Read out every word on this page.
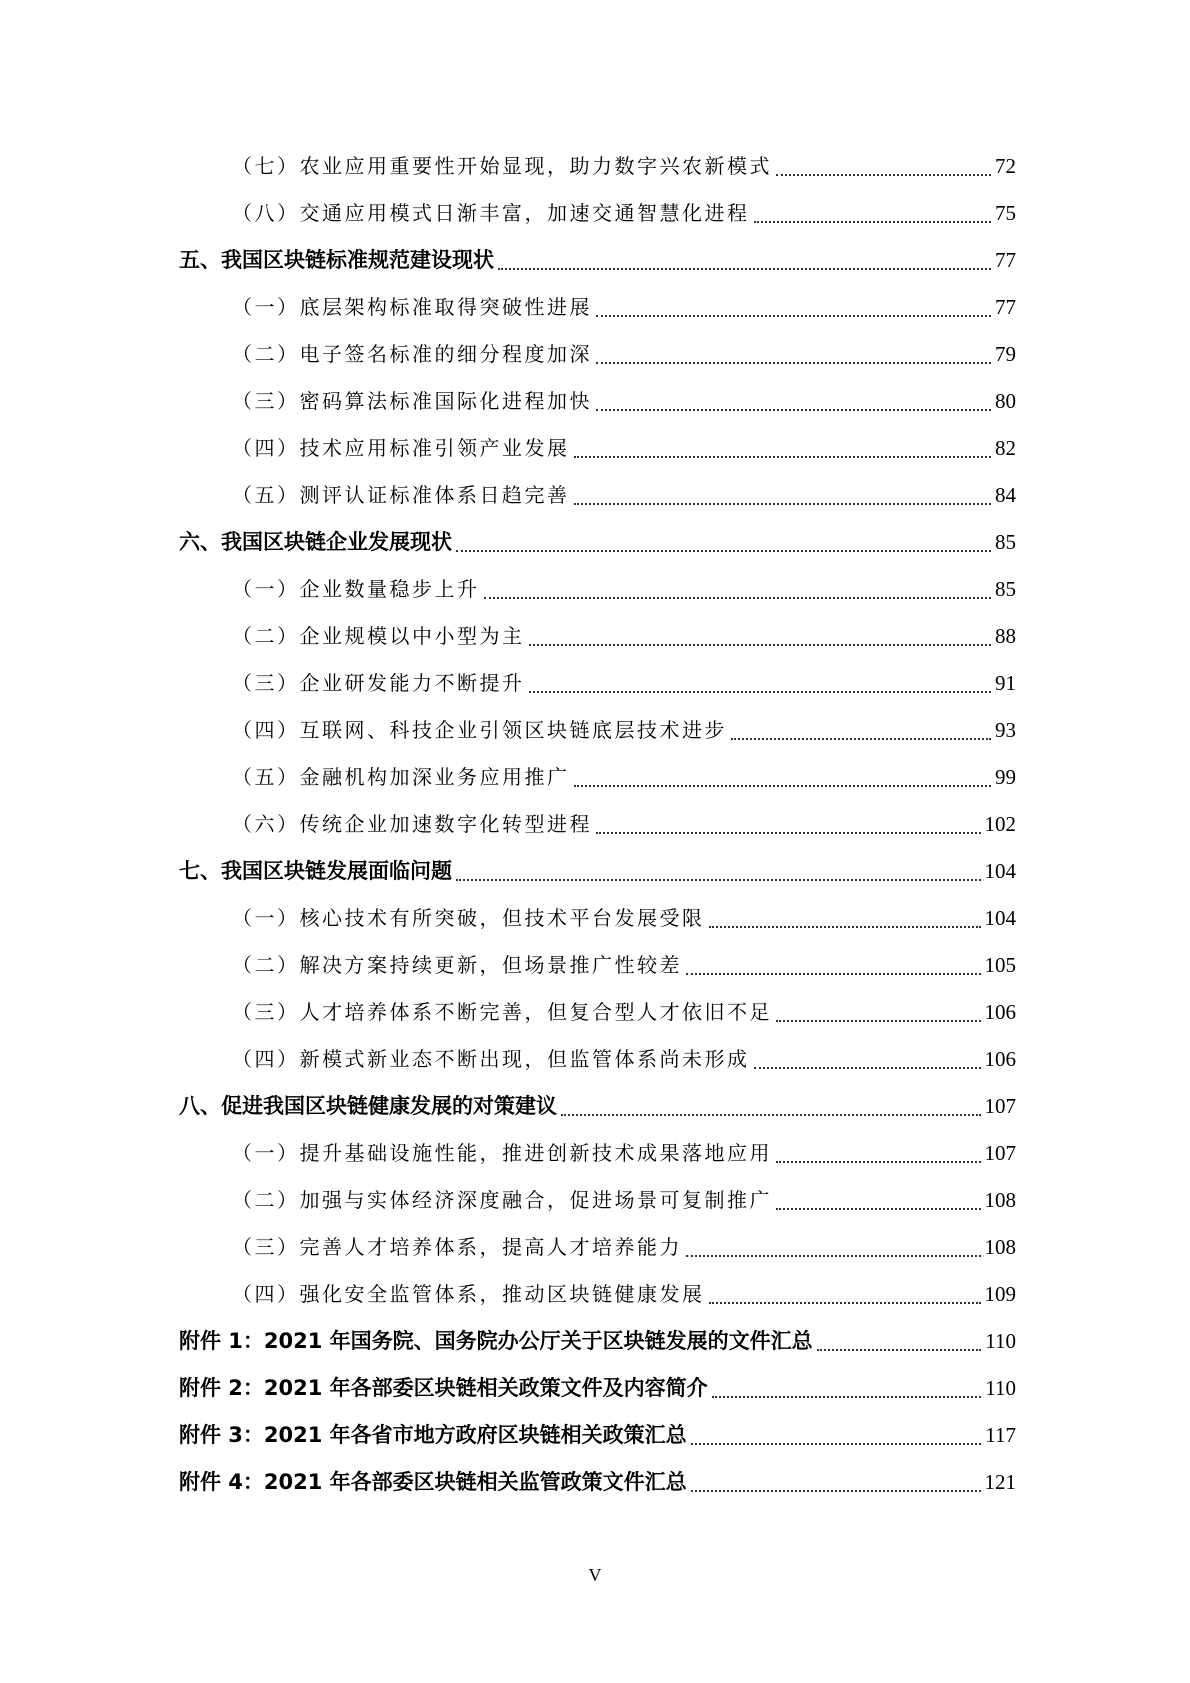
（七）农业应用重要性开始显现，助力数字兴农新模式	72
（八）交通应用模式日渐丰富，加速交通智慧化进程	75
五、我国区块链标准规范建设现状	77
（一）底层架构标准取得突破性进展	77
（二）电子签名标准的细分程度加深	79
（三）密码算法标准国际化进程加快	80
（四）技术应用标准引领产业发展	82
（五）测评认证标准体系日趋完善	84
六、我国区块链企业发展现状	85
（一）企业数量稳步上升	85
（二）企业规模以中小型为主	88
（三）企业研发能力不断提升	91
（四）互联网、科技企业引领区块链底层技术进步	93
（五）金融机构加深业务应用推广	99
（六）传统企业加速数字化转型进程	102
七、我国区块链发展面临问题	104
（一）核心技术有所突破，但技术平台发展受限	104
（二）解决方案持续更新，但场景推广性较差	105
（三）人才培养体系不断完善，但复合型人才依旧不足	106
（四）新模式新业态不断出现，但监管体系尚未形成	106
八、促进我国区块链健康发展的对策建议	107
（一）提升基础设施性能，推进创新技术成果落地应用	107
（二）加强与实体经济深度融合，促进场景可复制推广	108
（三）完善人才培养体系，提高人才培养能力	108
（四）强化安全监管体系，推动区块链健康发展	109
附件 1：2021 年国务院、国务院办公厅关于区块链发展的文件汇总	110
附件 2：2021 年各部委区块链相关政策文件及内容简介	110
附件 3：2021 年各省市地方政府区块链相关政策汇总	117
附件 4：2021 年各部委区块链相关监管政策文件汇总	121
V
